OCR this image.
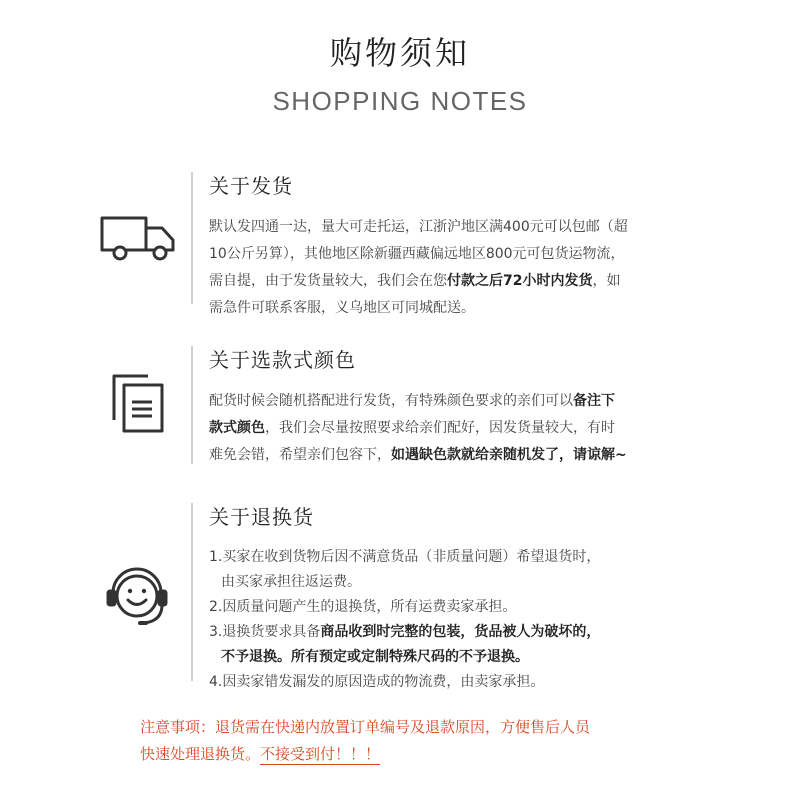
购物须知
SHOPPING NOTES
关于发货

默认发四通一达，量大可走托运，江浙沪地区满400元可以包邮（超

10公斤另算），其他地区除新疆西藏偏远地区800元可包货运物流，

需自提，由于发货量较大，我们会在您付款之后72小时内发货，如

需急件可联系客服，义乌地区可同城配送。

关于选款式颜色

配货时候会随机搭配进行发货，有特殊颜色要求的亲们可以备注下

款式颜色，我们会尽量按照要求给亲们配好，因发货量较大，有时

难免会错，希望亲们包容下，如遇缺色款就给亲随机发了，请谅解~

关于退换货

1.买家在收到货物后因不满意货品（非质量问题）希望退货时，

由买家承担往返运费。

2.因质量问题产生的退换货，所有运费卖家承担。

3.退换货要求具备商品收到时完整的包装，货品被人为破坏的，

不予退换。所有预定或定制特殊尺码的不予退换。

4.因卖家错发漏发的原因造成的物流费，由卖家承担。

注意事项：退货需在快递内放置订单编号及退款原因，方便售后人员
快速处理退换货。不接受到付！！！
